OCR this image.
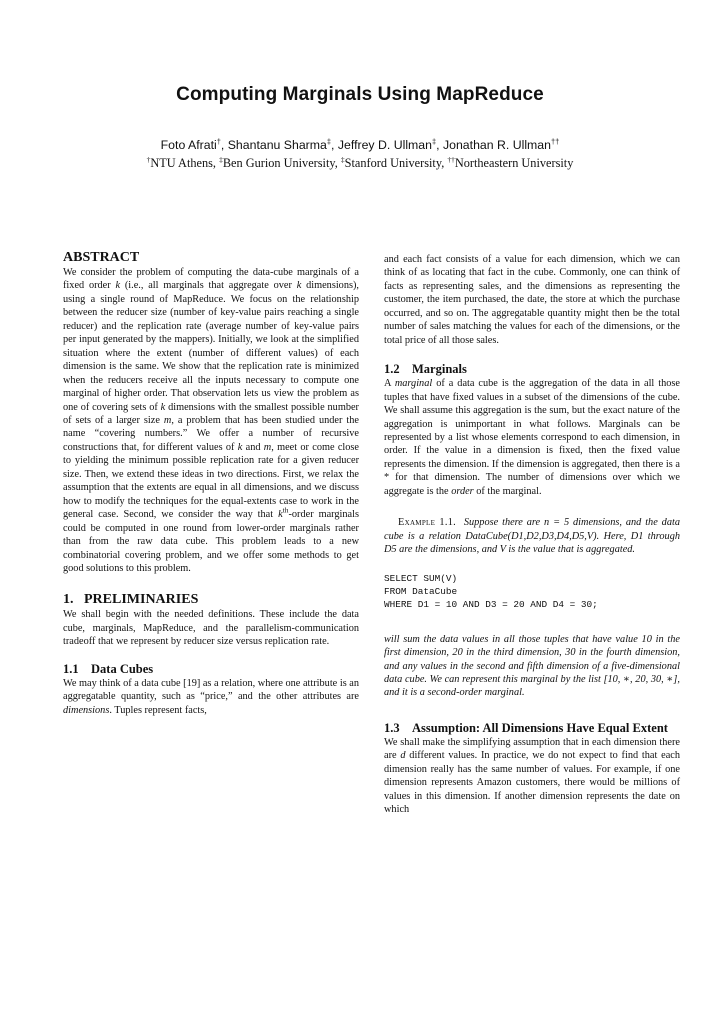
Computing Marginals Using MapReduce
Foto Afrati†, Shantanu Sharma‡, Jeffrey D. Ullman‡, Jonathan R. Ullman††
†NTU Athens, ‡Ben Gurion University, ‡Stanford University, ††Northeastern University
ABSTRACT

We consider the problem of computing the data-cube marginals of a fixed order k (i.e., all marginals that aggregate over k dimensions), using a single round of MapReduce. We focus on the relationship between the reducer size (number of key-value pairs reaching a single reducer) and the replication rate (average number of key-value pairs per input generated by the mappers). Initially, we look at the simplified situation where the extent (number of different values) of each dimension is the same. We show that the replication rate is minimized when the reducers receive all the inputs necessary to compute one marginal of higher order. That observation lets us view the problem as one of covering sets of k dimensions with the smallest possible number of sets of a larger size m, a problem that has been studied under the name “covering numbers.” We offer a number of recursive constructions that, for different values of k and m, meet or come close to yielding the minimum possible replication rate for a given reducer size. Then, we extend these ideas in two directions. First, we relax the assumption that the extents are equal in all dimensions, and we discuss how to modify the techniques for the equal-extents case to work in the general case. Second, we consider the way that $k^{th}$-order marginals could be computed in one round from lower-order marginals rather than from the raw data cube. This problem leads to a new combinatorial covering problem, and we offer some methods to get good solutions to this problem.

1.   PRELIMINARIES

We shall begin with the needed definitions. These include the data cube, marginals, MapReduce, and the parallelism-communication tradeoff that we represent by reducer size versus replication rate.

1.1 Data Cubes

We may think of a data cube [19] as a relation, where one attribute is an aggregatable quantity, such as “price,” and the other attributes are dimensions. Tuples represent facts,

and each fact consists of a value for each dimension, which we can think of as locating that fact in the cube. Commonly, one can think of facts as representing sales, and the dimensions as representing the customer, the item purchased, the date, the store at which the purchase occurred, and so on. The aggregatable quantity might then be the total number of sales matching the values for each of the dimensions, or the total price of all those sales.

1.2 Marginals

A marginal of a data cube is the aggregation of the data in all those tuples that have fixed values in a subset of the dimensions of the cube. We shall assume this aggregation is the sum, but the exact nature of the aggregation is unimportant in what follows. Marginals can be represented by a list whose elements correspond to each dimension, in order. If the value in a dimension is fixed, then the fixed value represents the dimension. If the dimension is aggregated, then there is a * for that dimension. The number of dimensions over which we aggregate is the order of the marginal.

Example 1.1. Suppose there are n = 5 dimensions, and the data cube is a relation DataCube(D1,D2,D3,D4,D5,V). Here, D1 through D5 are the dimensions, and V is the value that is aggregated.

SELECT SUM(V)
FROM DataCube
WHERE D1 = 10 AND D3 = 20 AND D4 = 30;

will sum the data values in all those tuples that have value 10 in the first dimension, 20 in the third dimension, 30 in the fourth dimension, and any values in the second and fifth dimension of a five-dimensional data cube. We can represent this marginal by the list [10, ∗, 20, 30, ∗], and it is a second-order marginal.

1.3 Assumption: All Dimensions Have Equal Extent

We shall make the simplifying assumption that in each dimension there are d different values. In practice, we do not expect to find that each dimension really has the same number of values. For example, if one dimension represents Amazon customers, there would be millions of values in this dimension. If another dimension represents the date on which
